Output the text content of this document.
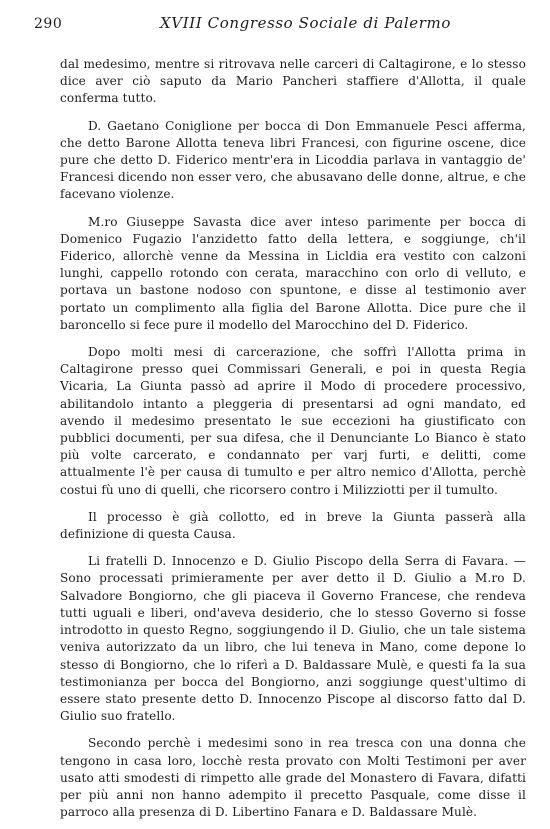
290	XVIII Congresso Sociale di Palermo

dal medesimo, mentre si ritrovava nelle carceri di Caltagirone, e lo stesso dice aver ciò saputo da Mario Pancheri staffiere d'Allotta, il quale conferma tutto.

D. Gaetano Coniglione per bocca di Don Emmanuele Pesci afferma, che detto Barone Allotta teneva libri Francesi, con figurine oscene, dice pure che detto D. Fiderico mentr'era in Licoddia parlava in vantaggio de' Francesi dicendo non esser vero, che abusavano delle donne, altrue, e che facevano violenze.

M.ro Giuseppe Savasta dice aver inteso parimente per bocca di Domenico Fugazio l'anzidetto fatto della lettera, e soggiunge, ch'il Fiderico, allorchè venne da Messina in Licldia era vestito con calzoni lunghi, cappello rotondo con cerata, maracchino con orlo di velluto, e portava un bastone nodoso con spuntone, e disse al testimonio aver portato un complimento alla figlia del Barone Allotta. Dice pure che il baroncello si fece pure il modello del Marocchino del D. Fiderico.

Dopo molti mesi di carcerazione, che soffrì l'Allotta prima in Caltagirone presso quei Commissari Generali, e poi in questa Regia Vicaria, La Giunta passò ad aprire il Modo di procedere processivo, abilitandolo intanto a pleggeria di presentarsi ad ogni mandato, ed avendo il medesimo presentato le sue eccezioni ha giustificato con pubblici documenti, per sua difesa, che il Denunciante Lo Bianco è stato più volte carcerato, e condannato per varj furti, e delitti, come attualmente l'è per causa di tumulto e per altro nemico d'Allotta, perchè costui fù uno di quelli, che ricorsero contro i Milizziotti per il tumulto.

Il processo è già collotto, ed in breve la Giunta passerà alla definizione di questa Causa.

Li fratelli D. Innocenzo e D. Giulio Piscopo della Serra di Favara. — Sono processati primieramente per aver detto il D. Giulio a M.ro D. Salvadore Bongiorno, che gli piaceva il Governo Francese, che rendeva tutti uguali e liberi, ond'aveva desiderio, che lo stesso Governo si fosse introdotto in questo Regno, soggiungendo il D. Giulio, che un tale sistema veniva autorizzato da un libro, che lui teneva in Mano, come depone lo stesso di Bongiorno, che lo riferì a D. Baldassare Mulè, e questi fa la sua testimonianza per bocca del Bongiorno, anzi soggiunge quest'ultimo di essere stato presente detto D. Innocenzo Piscope al discorso fatto dal D. Giulio suo fratello.

Secondo perchè i medesimi sono in rea tresca con una donna che tengono in casa loro, locchè resta provato con Molti Testimoni per aver usato atti smodesti di rimpetto alle grade del Monastero di Favara, difatti per più anni non hanno adempito il precetto Pasquale, come disse il parroco alla presenza di D. Libertino Fanara e D. Baldassare Mulè.
